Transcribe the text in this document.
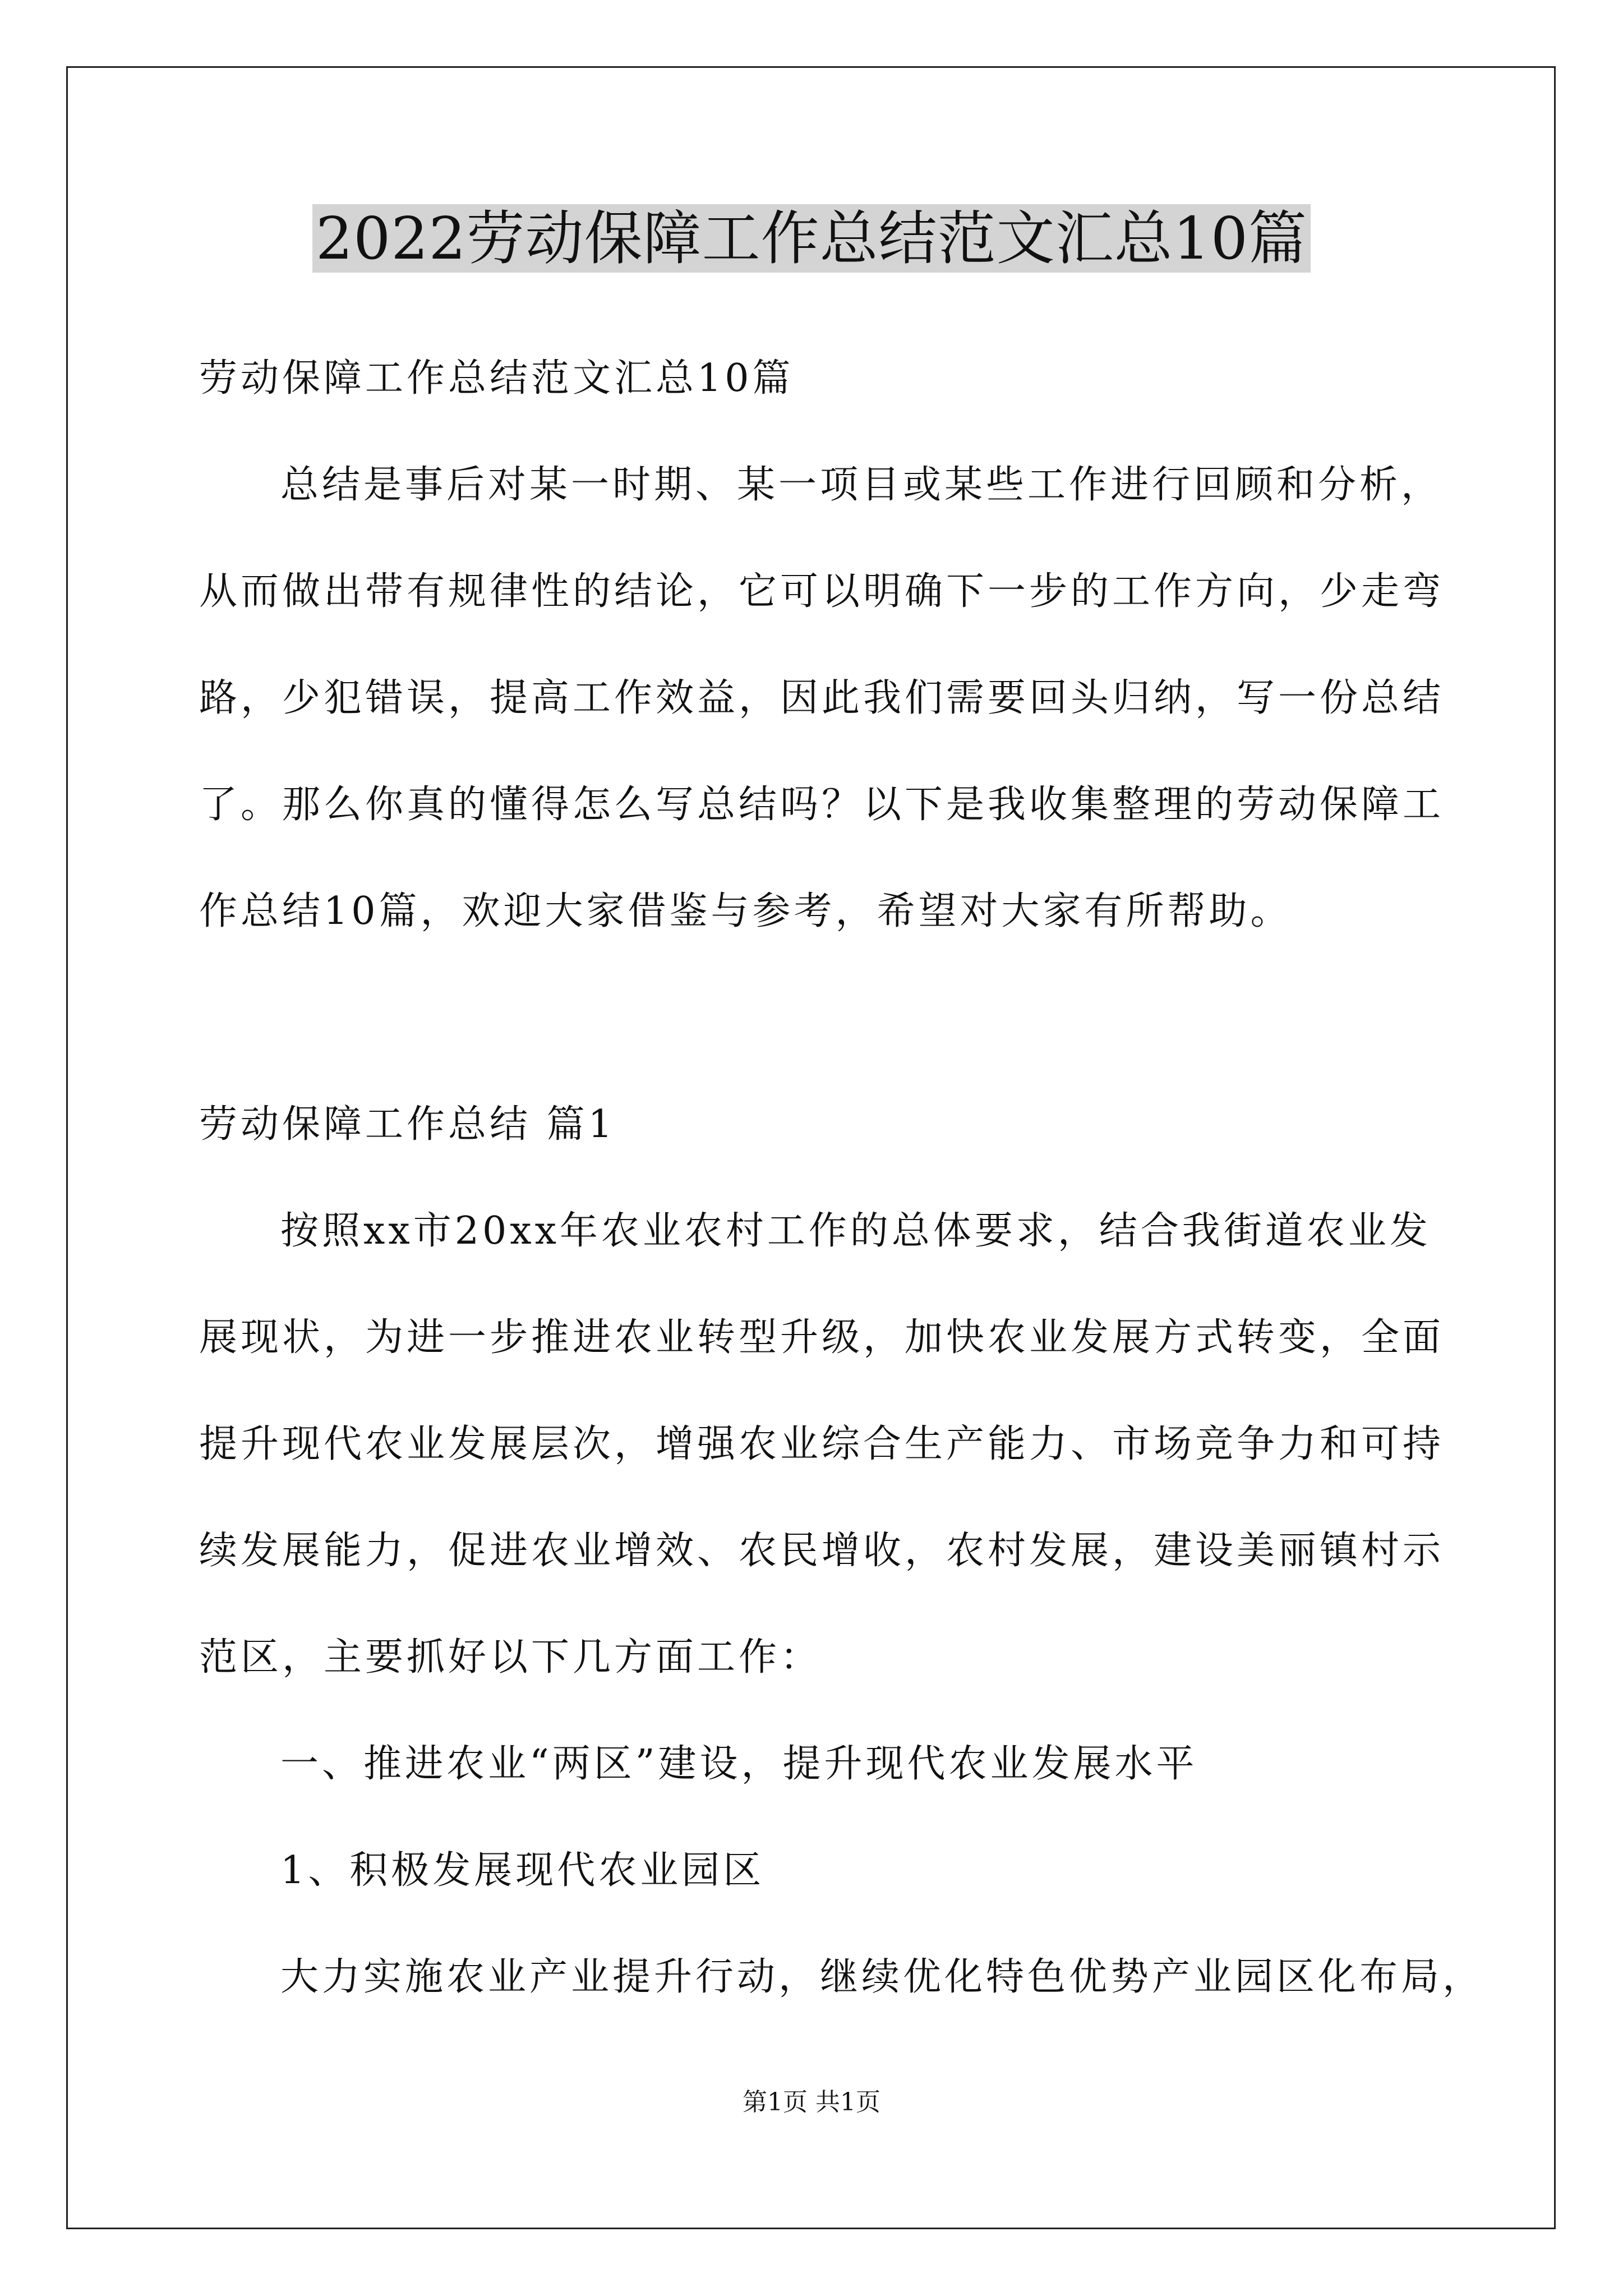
2022劳动保障工作总结范文汇总10篇
劳动保障工作总结范文汇总10篇
总结是事后对某一时期、某一项目或某些工作进行回顾和分析，
从而做出带有规律性的结论，它可以明确下一步的工作方向，少走弯
路，少犯错误，提高工作效益，因此我们需要回头归纳，写一份总结
了。那么你真的懂得怎么写总结吗？以下是我收集整理的劳动保障工
作总结10篇，欢迎大家借鉴与参考，希望对大家有所帮助。
劳动保障工作总结 篇1
按照xx市20xx年农业农村工作的总体要求，结合我街道农业发
展现状，为进一步推进农业转型升级，加快农业发展方式转变，全面
提升现代农业发展层次，增强农业综合生产能力、市场竞争力和可持
续发展能力，促进农业增效、农民增收，农村发展，建设美丽镇村示
范区，主要抓好以下几方面工作：
一、推进农业“两区”建设，提升现代农业发展水平
1、积极发展现代农业园区
大力实施农业产业提升行动，继续优化特色优势产业园区化布局，
第1页 共1页
